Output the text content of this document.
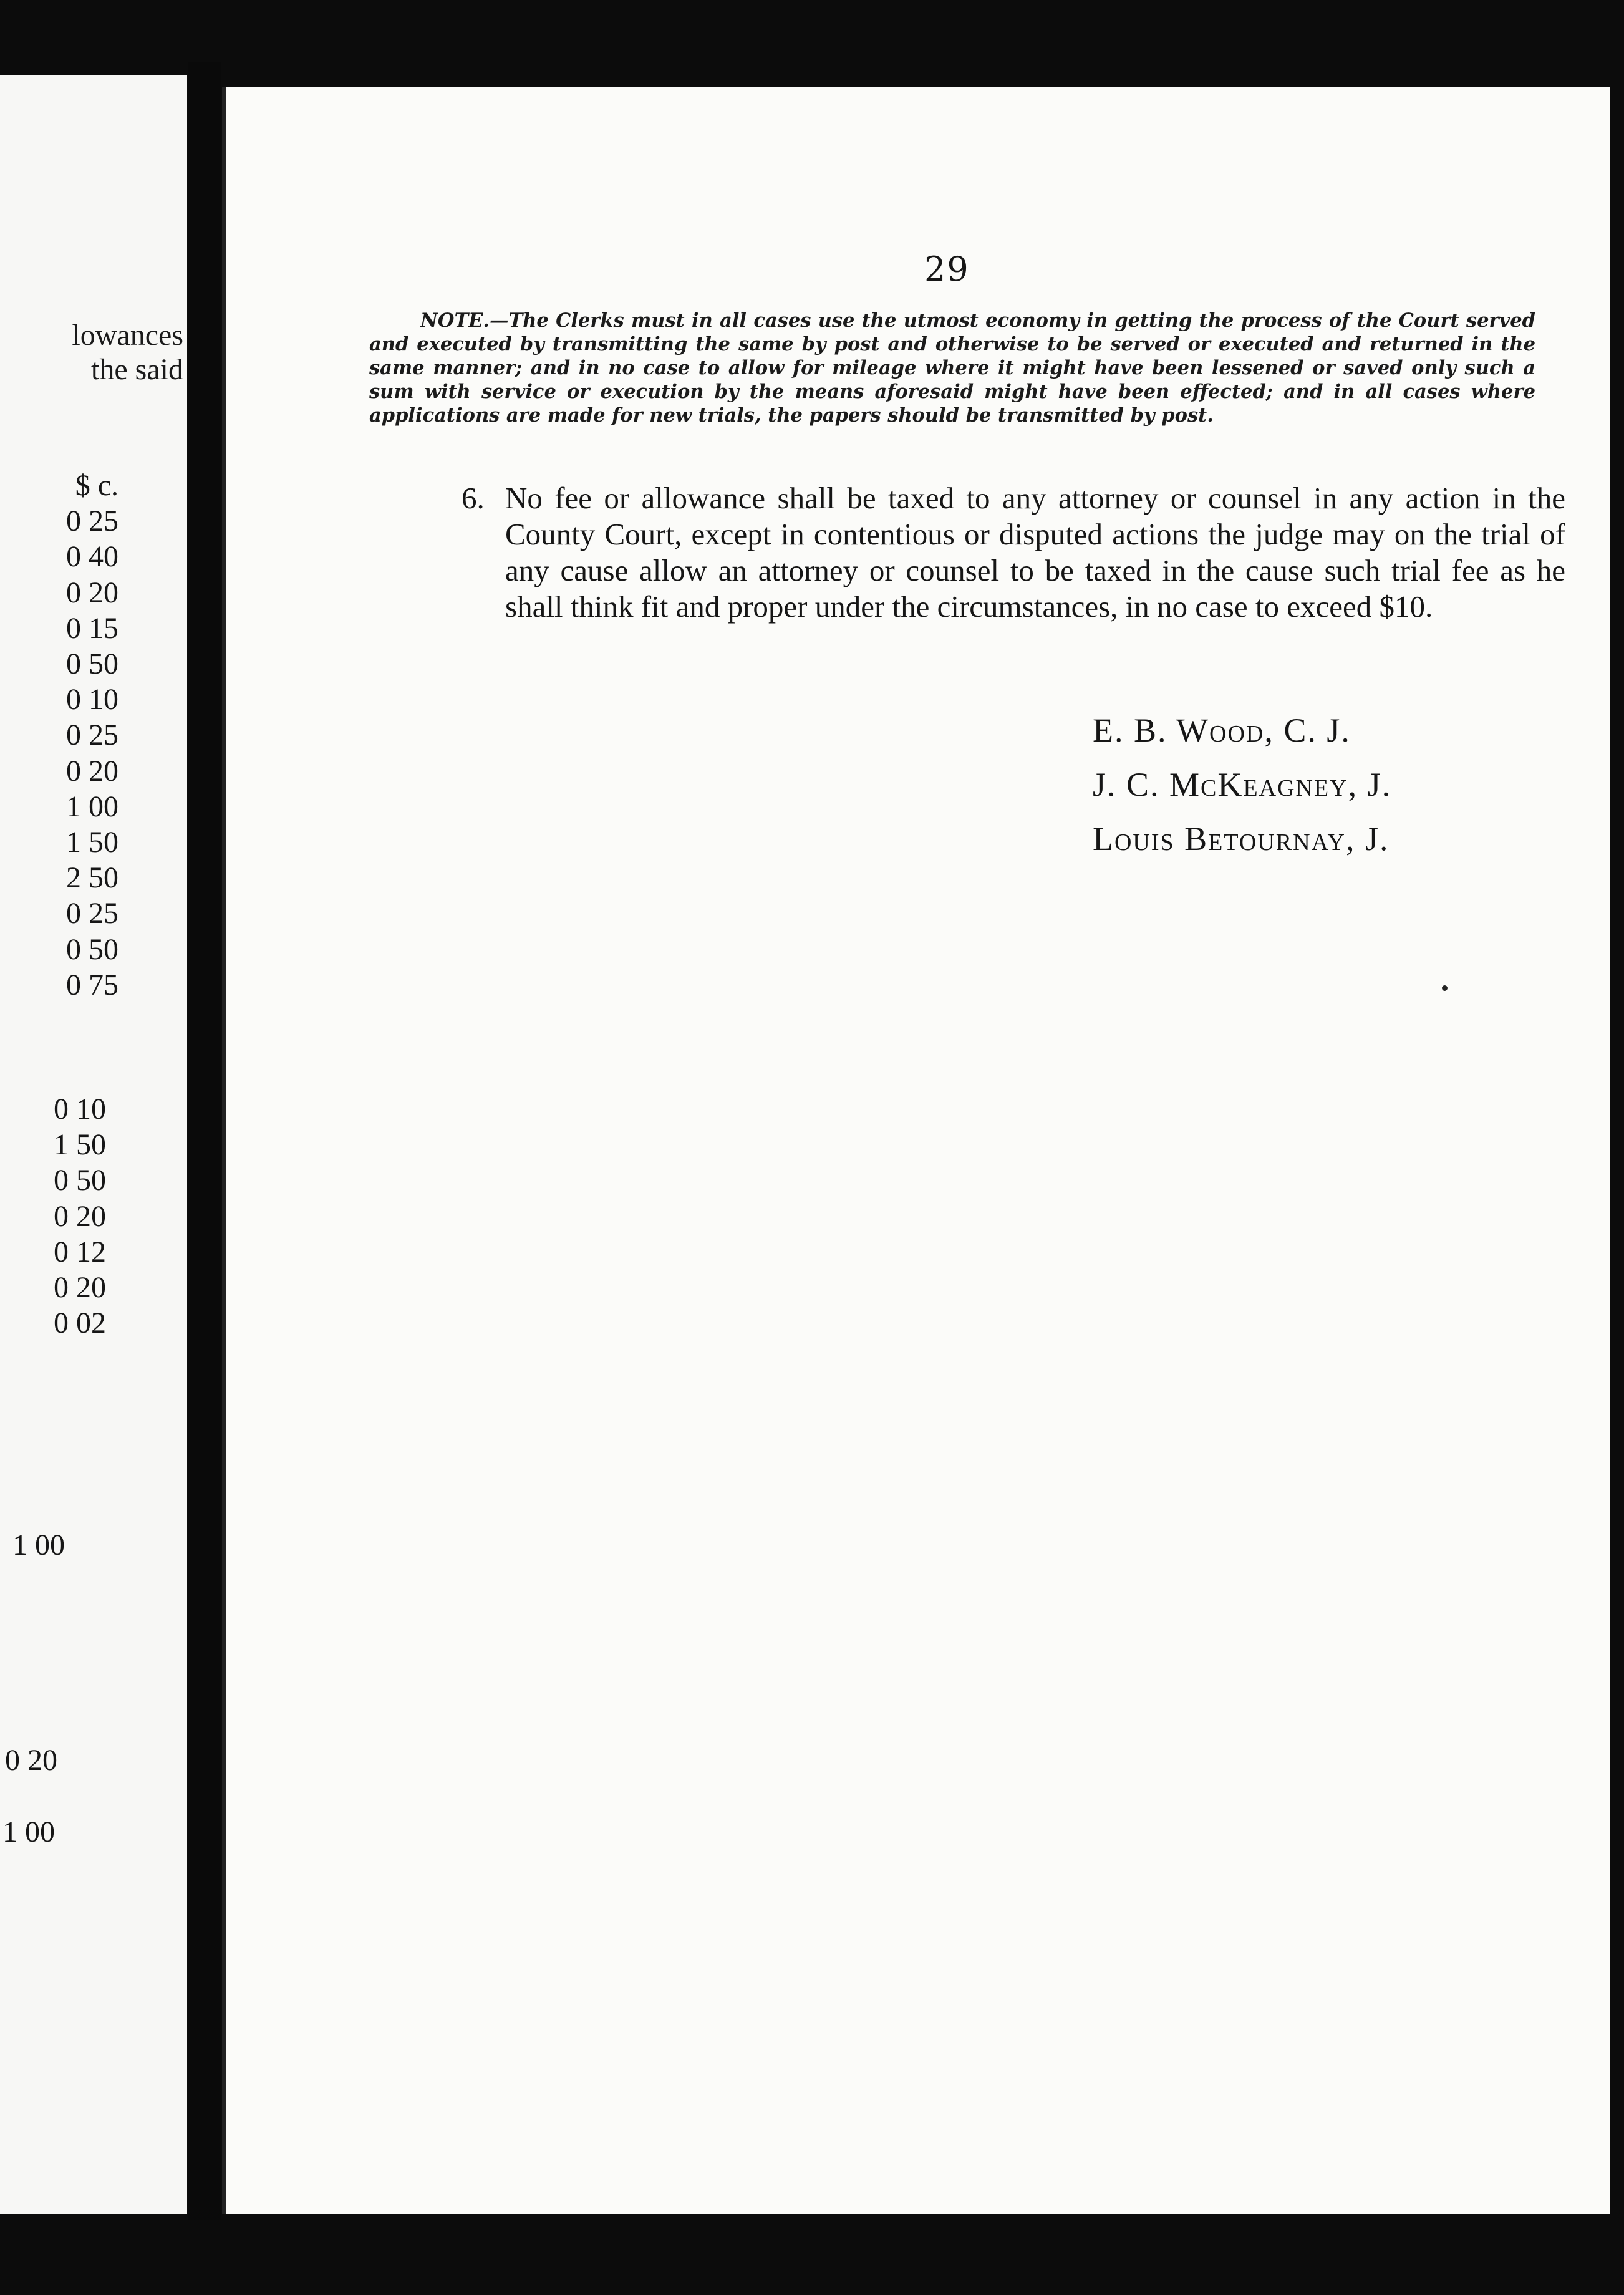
lowances
the said
$ c.
0 25
0 40
0 20
0 15
0 50
0 10
0 25
0 20
1 00
1 50
2 50
0 25
0 50
0 75
0 10
1 50
0 50
0 20
0 12
0 20
0 02
1 00
0 20
1 00
29
NOTE.—The Clerks must in all cases use the utmost economy in getting the process of the Court served and executed by transmitting the same by post and otherwise to be served or executed and returned in the same manner; and in no case to allow for mileage where it might have been lessened or saved only such a sum with service or execution by the means aforesaid might have been effected; and in all cases where applications are made for new trials, the papers should be transmitted by post.
6. No fee or allowance shall be taxed to any attorney or counsel in any action in the County Court, except in contentious or disputed actions the judge may on the trial of any cause allow an attorney or counsel to be taxed in the cause such trial fee as he shall think fit and proper under the circumstances, in no case to exceed $10.
E. B. Wood, C. J.
J. C. McKeagney, J.
Louis Betournay, J.
